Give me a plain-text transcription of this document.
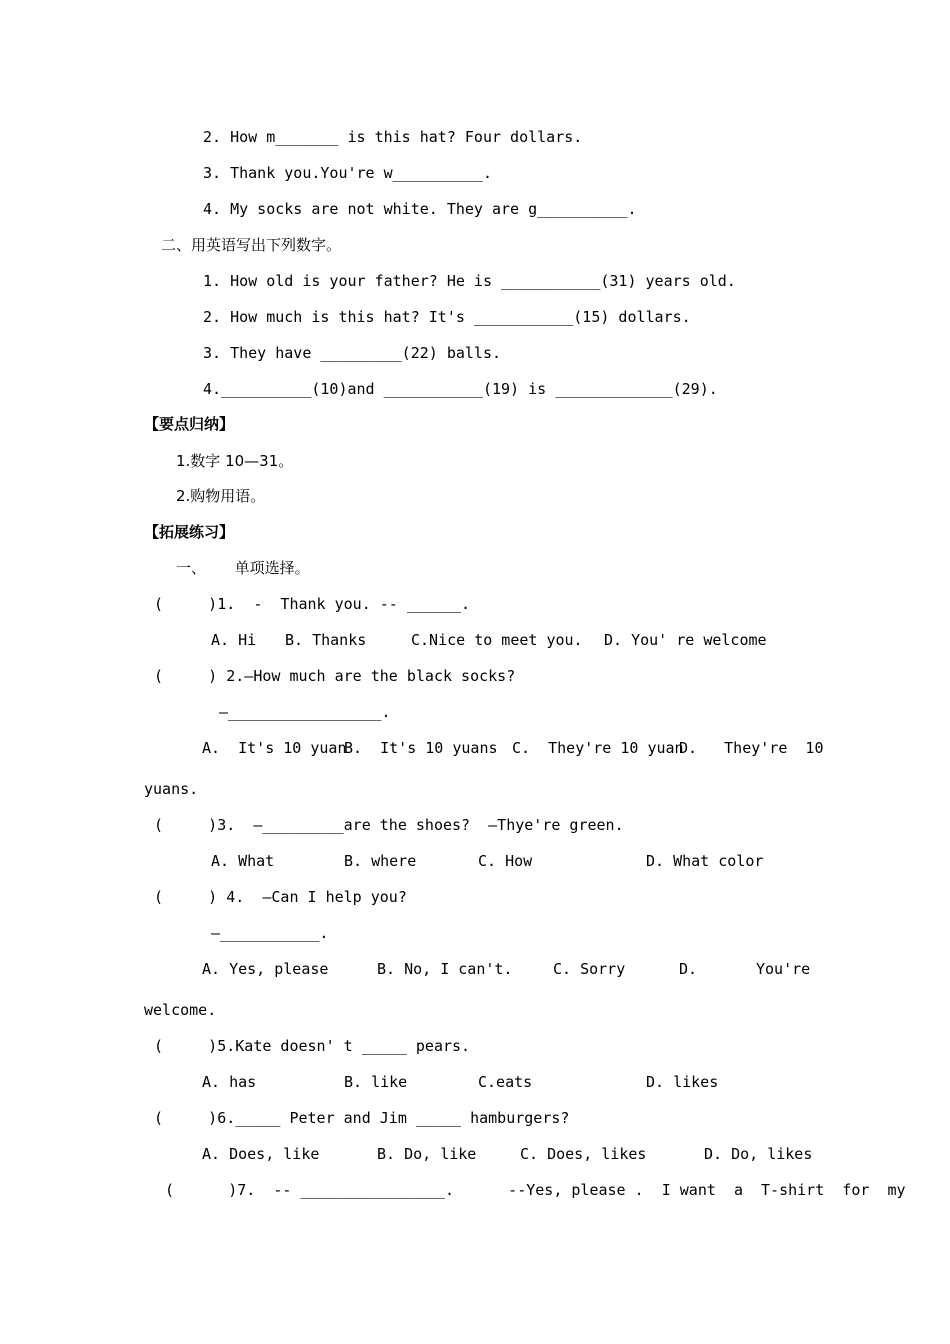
2. How m_______ is this hat? Four dollars.
3. Thank you.You're w__________.
4. My socks are not white. They are g__________.
二、用英语写出下列数字。
1. How old is your father? He is ___________(31) years old.
2. How much is this hat? It's ___________(15) dollars.
3. They have _________(22) balls.
4.__________(10)and ___________(19) is _____________(29).
【要点归纳】
1.数字 10—31。
2.购物用语。
【拓展练习】
一、      单项选择。
(     )1.  -  Thank you. -- ______.
A. Hi B. Thanks	C.Nice to meet you. D. You' re welcome
(     ) 2.—How much are the black socks?
—_________________.
A.  It's 10 yuan
B.  It's 10 yuans C.  They're 10 yuan
D.   They're  10
yuans.
(     )3.  —_________are the shoes?  —Thye're green.
A. What	B. where	C. How	D. What color
(     ) 4.  —Can I help you?
—___________.
A. Yes, please	B. No, I can't.	C. Sorry	D.	You're
welcome.
(     )5.Kate doesn' t _____ pears.
A. has	B. like	C.eats	D. likes
(     )6._____ Peter and Jim _____ hamburgers?
A. Does, like	B. Do, like	C. Does, likes	D. Do, likes
(      )7.  -- ________________.      --Yes, please .  I want  a  T-shirt  for  my
